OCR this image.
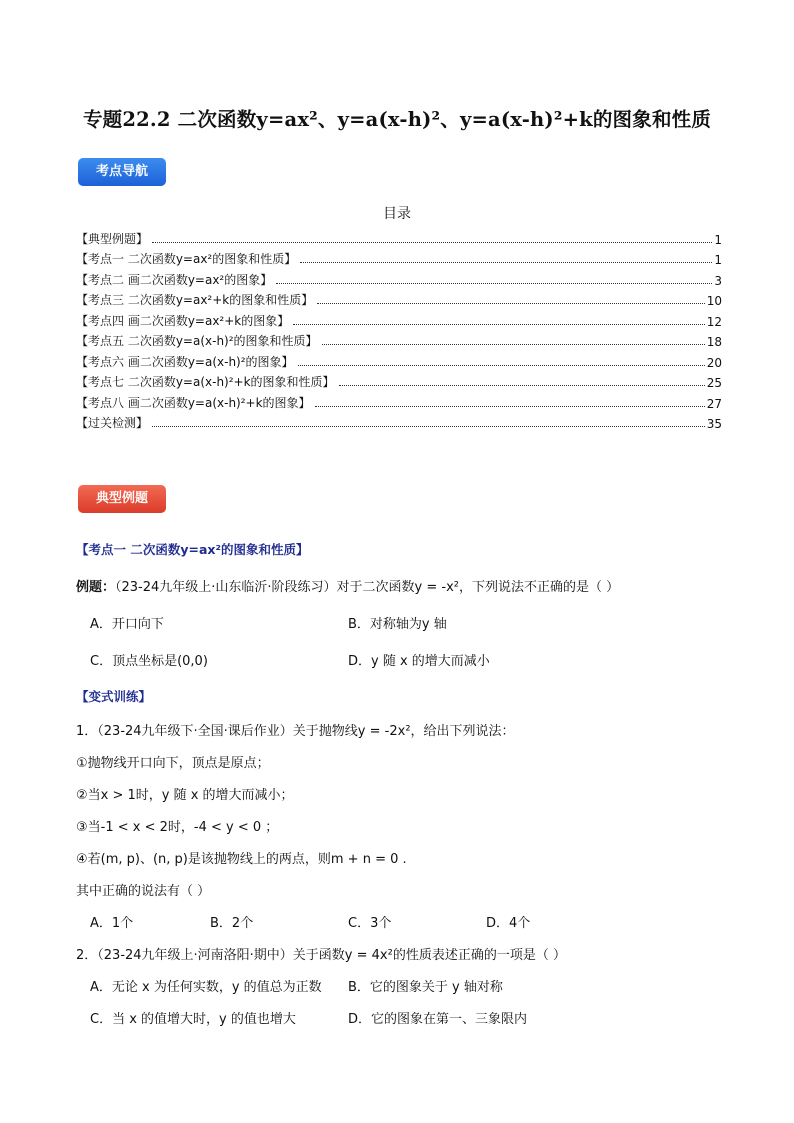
专题22.2 二次函数y=ax²、y=a(x-h)²、y=a(x-h)²+k的图象和性质
考点导航
目录
【典型例题】	1
【考点一 二次函数y=ax²的图象和性质】	1
【考点二 画二次函数y=ax²的图象】	3
【考点三 二次函数y=ax²+k的图象和性质】	10
【考点四 画二次函数y=ax²+k的图象】	12
【考点五 二次函数y=a(x-h)²的图象和性质】	18
【考点六 画二次函数y=a(x-h)²的图象】	20
【考点七 二次函数y=a(x-h)²+k的图象和性质】	25
【考点八 画二次函数y=a(x-h)²+k的图象】	27
【过关检测】	35
典型例题
【考点一 二次函数y=ax²的图象和性质】
例题：（23-24九年级上·山东临沂·阶段练习）对于二次函数y = -x²，下列说法不正确的是（ ）
A．开口向下	B．对称轴为y 轴
C．顶点坐标是(0,0)	D．y 随 x 的增大而减小
【变式训练】
1．（23-24九年级下·全国·课后作业）关于抛物线y = -2x²，给出下列说法：
①抛物线开口向下，顶点是原点；
②当x > 1时，y 随 x 的增大而减小；
③当-1 < x < 2时，-4 < y < 0 ；
④若(m, p)、(n, p)是该抛物线上的两点，则m + n = 0 .
其中正确的说法有（ ）
A．1个	B．2个	C．3个	D．4个
2．（23-24九年级上·河南洛阳·期中）关于函数y = 4x²的性质表述正确的一项是（ ）
A．无论 x 为任何实数，y 的值总为正数 B．它的图象关于 y 轴对称
C．当 x 的值增大时，y 的值也增大	D．它的图象在第一、三象限内
